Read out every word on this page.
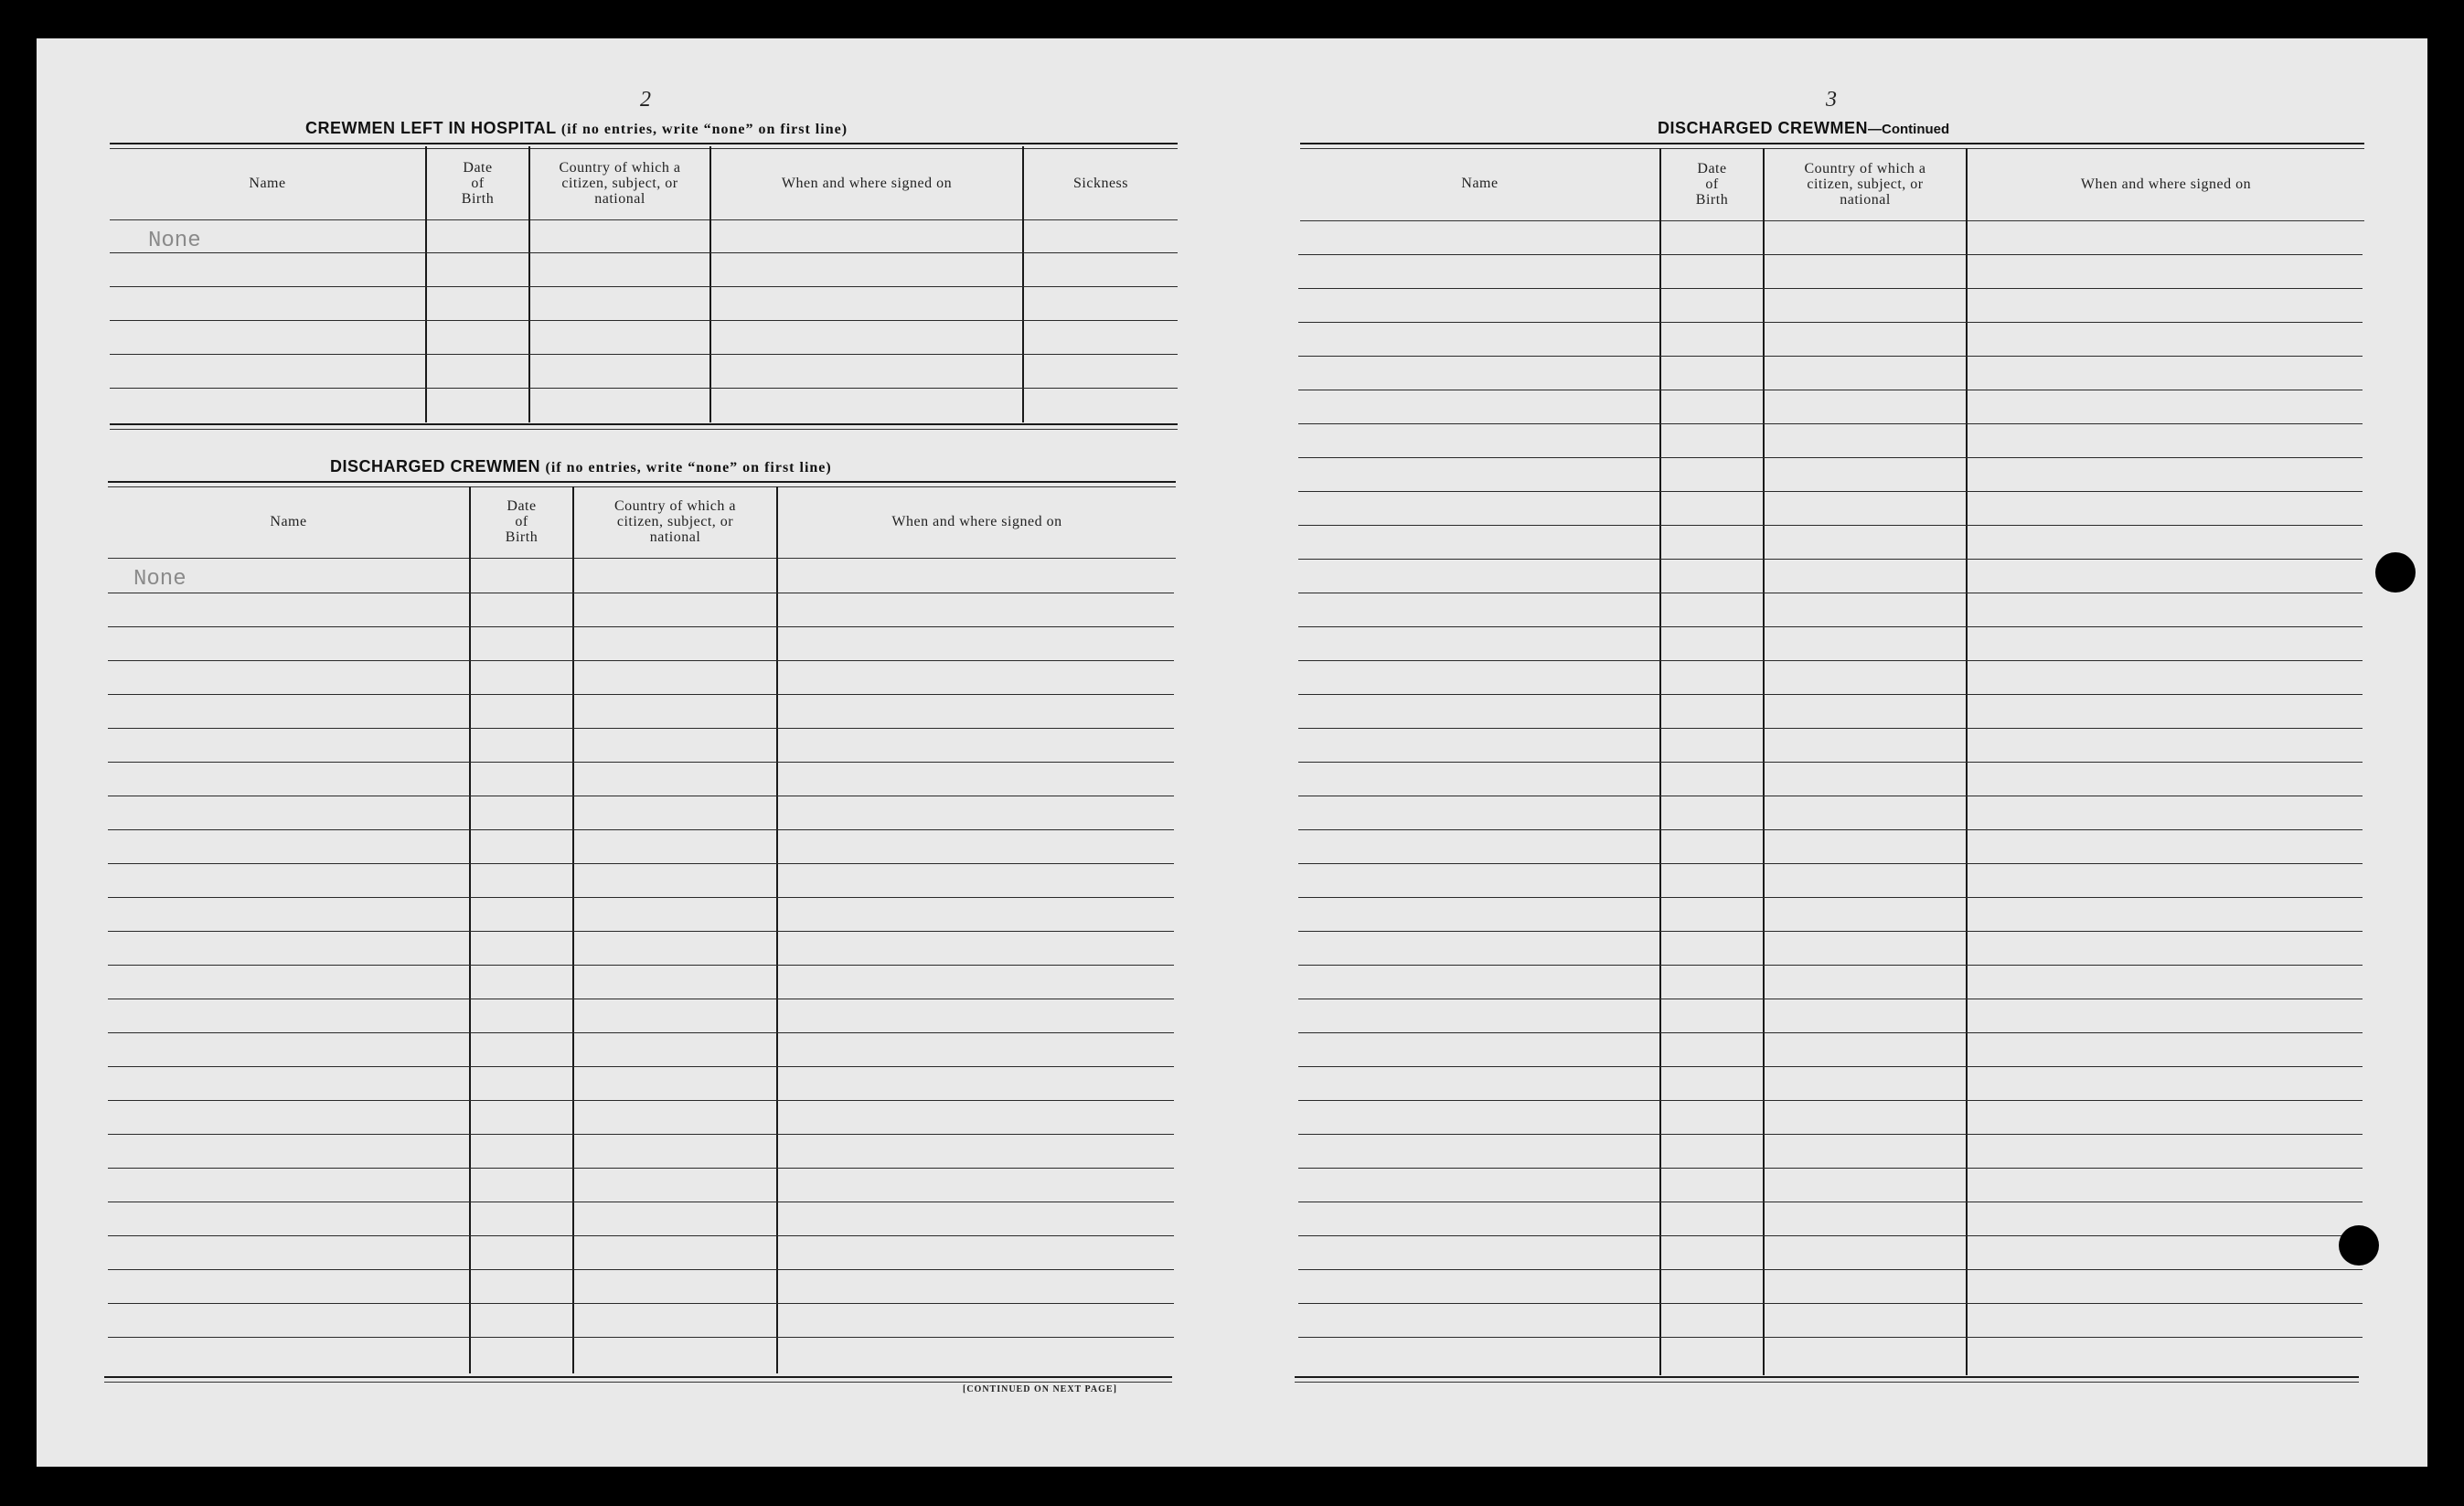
2
CREWMEN LEFT IN HOSPITAL (if no entries, write “none” on first line)
Name
Date
of
Birth
Country of which a
citizen, subject, or
national
When and where signed on	Sickness
None
DISCHARGED CREWMEN (if no entries, write “none” on first line)
Name
Date
of
Birth
Country of which a
citizen, subject, or
national
When and where signed on
None
[CONTINUED ON NEXT PAGE]
3
DISCHARGED CREWMEN—Continued
Name
Date
of
Birth
Country of which a
citizen, subject, or
national
When and where signed on
